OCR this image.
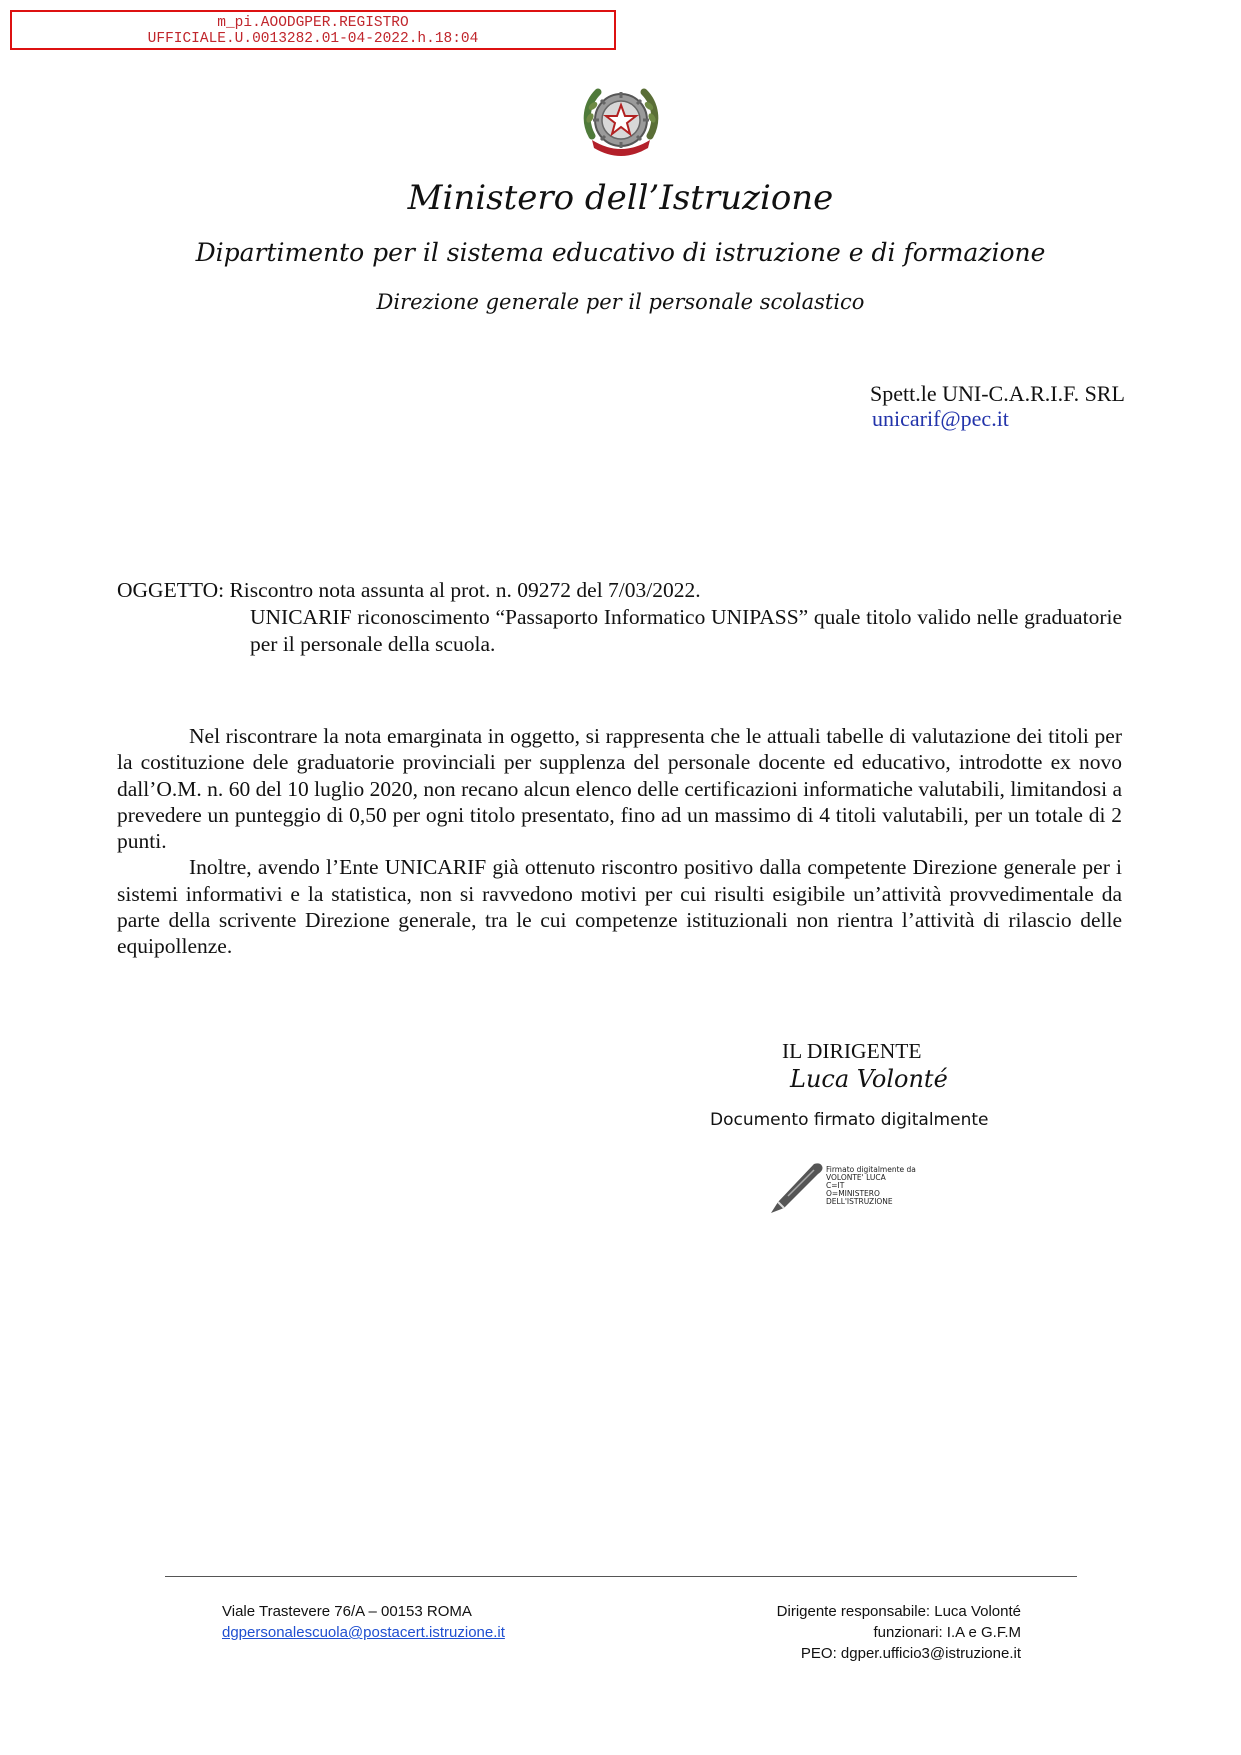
m_pi.AOODGPER.REGISTRO
UFFICIALE.U.0013282.01-04-2022.h.18:04
Ministero dell’Istruzione
Dipartimento per il sistema educativo di istruzione e di formazione
Direzione generale per il personale scolastico
Spett.le UNI-C.A.R.I.F. SRL
unicarif@pec.it
OGGETTO: Riscontro nota assunta al prot. n. 09272 del 7/03/2022.
UNICARIF riconoscimento “Passaporto Informatico UNIPASS” quale titolo valido nelle graduatorie per il personale della scuola.

Nel riscontrare la nota emarginata in oggetto, si rappresenta che le attuali tabelle di valutazione dei titoli per la costituzione dele graduatorie provinciali per supplenza del personale docente ed educativo, introdotte ex novo dall’O.M. n. 60 del 10 luglio 2020, non recano alcun elenco delle certificazioni informatiche valutabili, limitandosi a prevedere un punteggio di 0,50 per ogni titolo presentato, fino ad un massimo di 4 titoli valutabili, per un totale di 2 punti.

Inoltre, avendo l’Ente UNICARIF già ottenuto riscontro positivo dalla competente Direzione generale per i sistemi informativi e la statistica, non si ravvedono motivi per cui risulti esigibile un’attività provvedimentale da parte della scrivente Direzione generale, tra le cui competenze istituzionali non rientra l’attività di rilascio delle equipollenze.

IL DIRIGENTE
Luca Volonté
Documento firmato digitalmente
Firmato digitalmente da
VOLONTE' LUCA
C=IT
O=MINISTERO
DELL'ISTRUZIONE
Viale Trastevere 76/A – 00153 ROMA
dgpersonalescuola@postacert.istruzione.it
Dirigente responsabile: Luca Volonté
funzionari: I.A e G.F.M
PEO: dgper.ufficio3@istruzione.it
